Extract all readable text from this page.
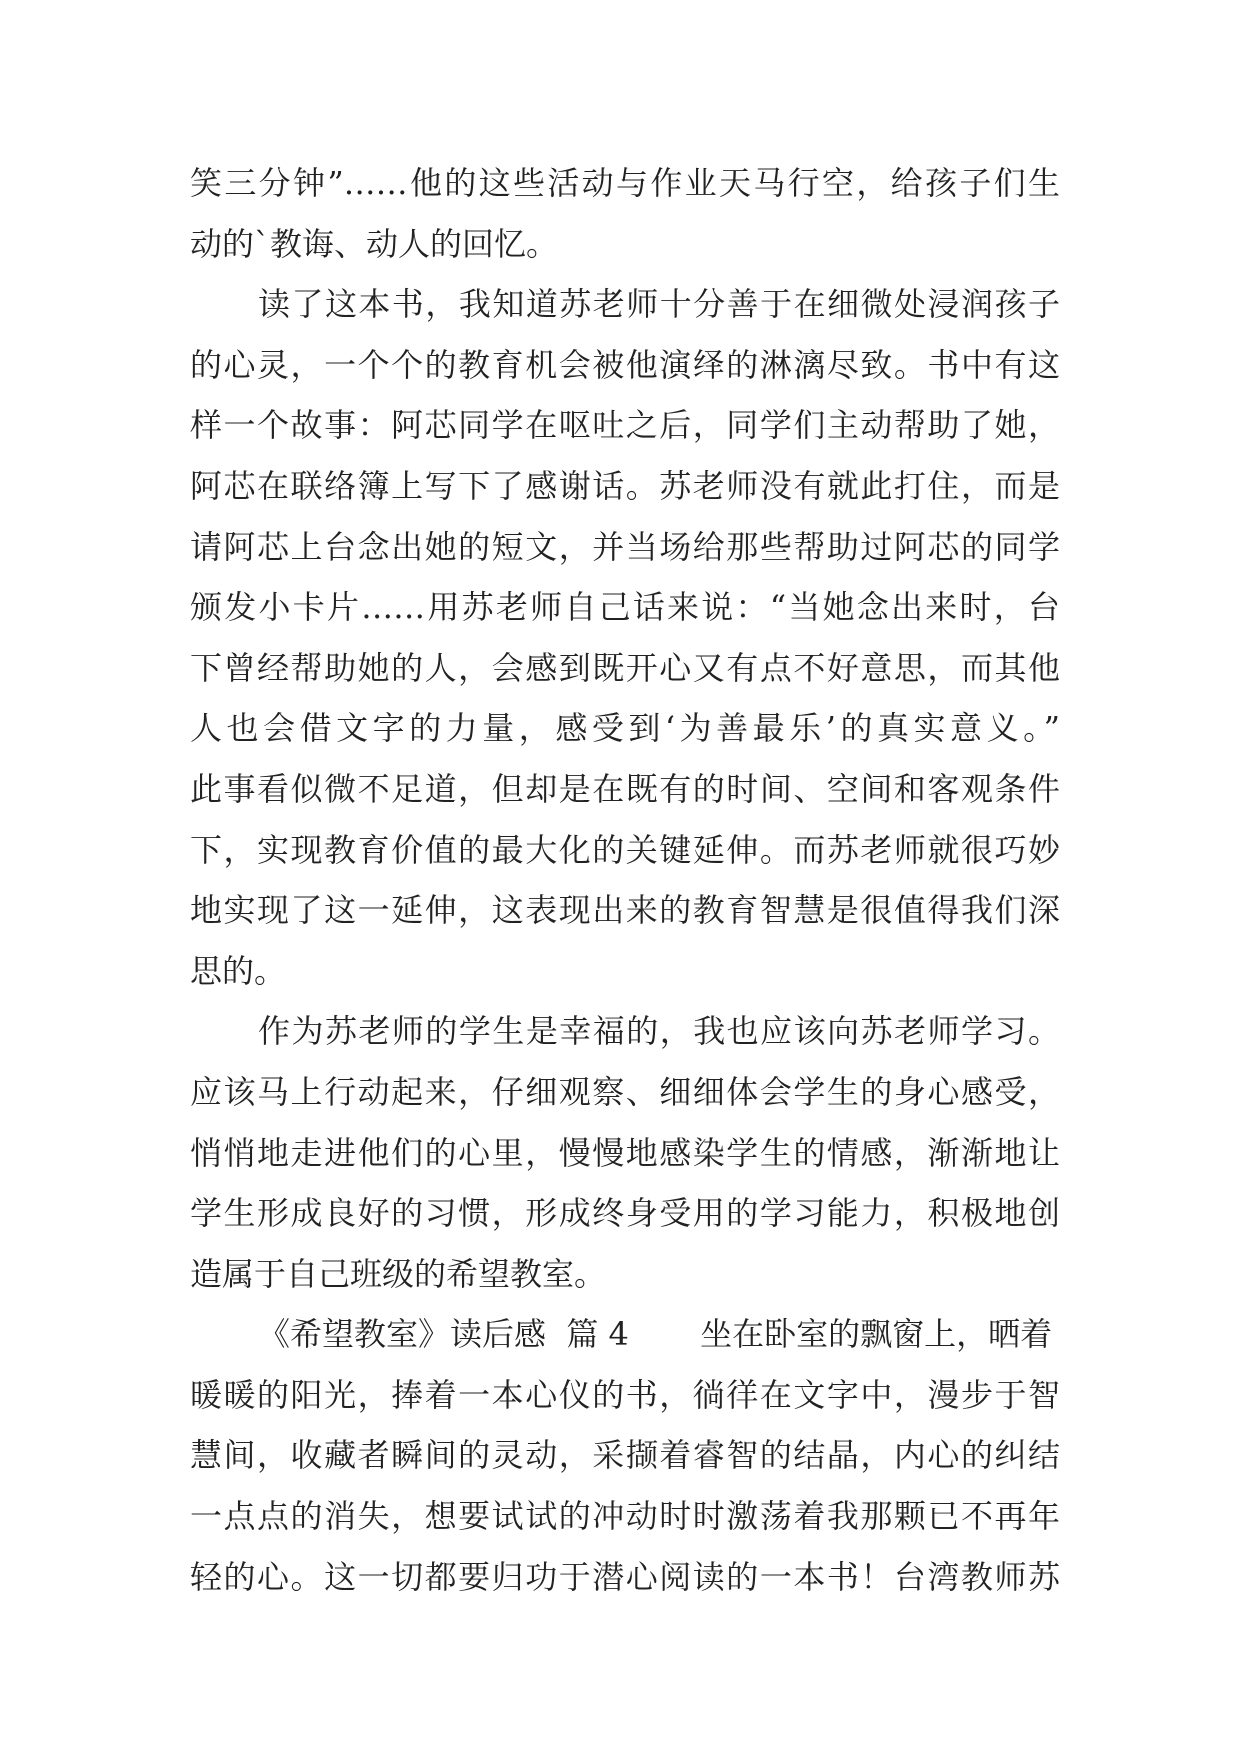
笑三分钟”……他的这些活动与作业天马行空，给孩子们生
动的`教诲、动人的回忆。
读了这本书，我知道苏老师十分善于在细微处浸润孩子
的心灵，一个个的教育机会被他演绎的淋漓尽致。书中有这
样一个故事：阿芯同学在呕吐之后，同学们主动帮助了她，
阿芯在联络簿上写下了感谢话。苏老师没有就此打住，而是
请阿芯上台念出她的短文，并当场给那些帮助过阿芯的同学
颁发小卡片……用苏老师自己话来说：“当她念出来时，台
下曾经帮助她的人，会感到既开心又有点不好意思，而其他
人也会借文字的力量，感受到‘为善最乐’的真实意义。”
此事看似微不足道，但却是在既有的时间、空间和客观条件
下，实现教育价值的最大化的关键延伸。而苏老师就很巧妙
地实现了这一延伸，这表现出来的教育智慧是很值得我们深
思的。
作为苏老师的学生是幸福的，我也应该向苏老师学习。
应该马上行动起来，仔细观察、细细体会学生的身心感受，
悄悄地走进他们的心里，慢慢地感染学生的情感，渐渐地让
学生形成良好的习惯，形成终身受用的学习能力，积极地创
造属于自己班级的希望教室。
《希望教室》读后感  篇 4       坐在卧室的飘窗上，晒着
暖暖的阳光，捧着一本心仪的书，徜徉在文字中，漫步于智
慧间，收藏者瞬间的灵动，采撷着睿智的结晶，内心的纠结
一点点的消失，想要试试的冲动时时激荡着我那颗已不再年
轻的心。这一切都要归功于潜心阅读的一本书！台湾教师苏
